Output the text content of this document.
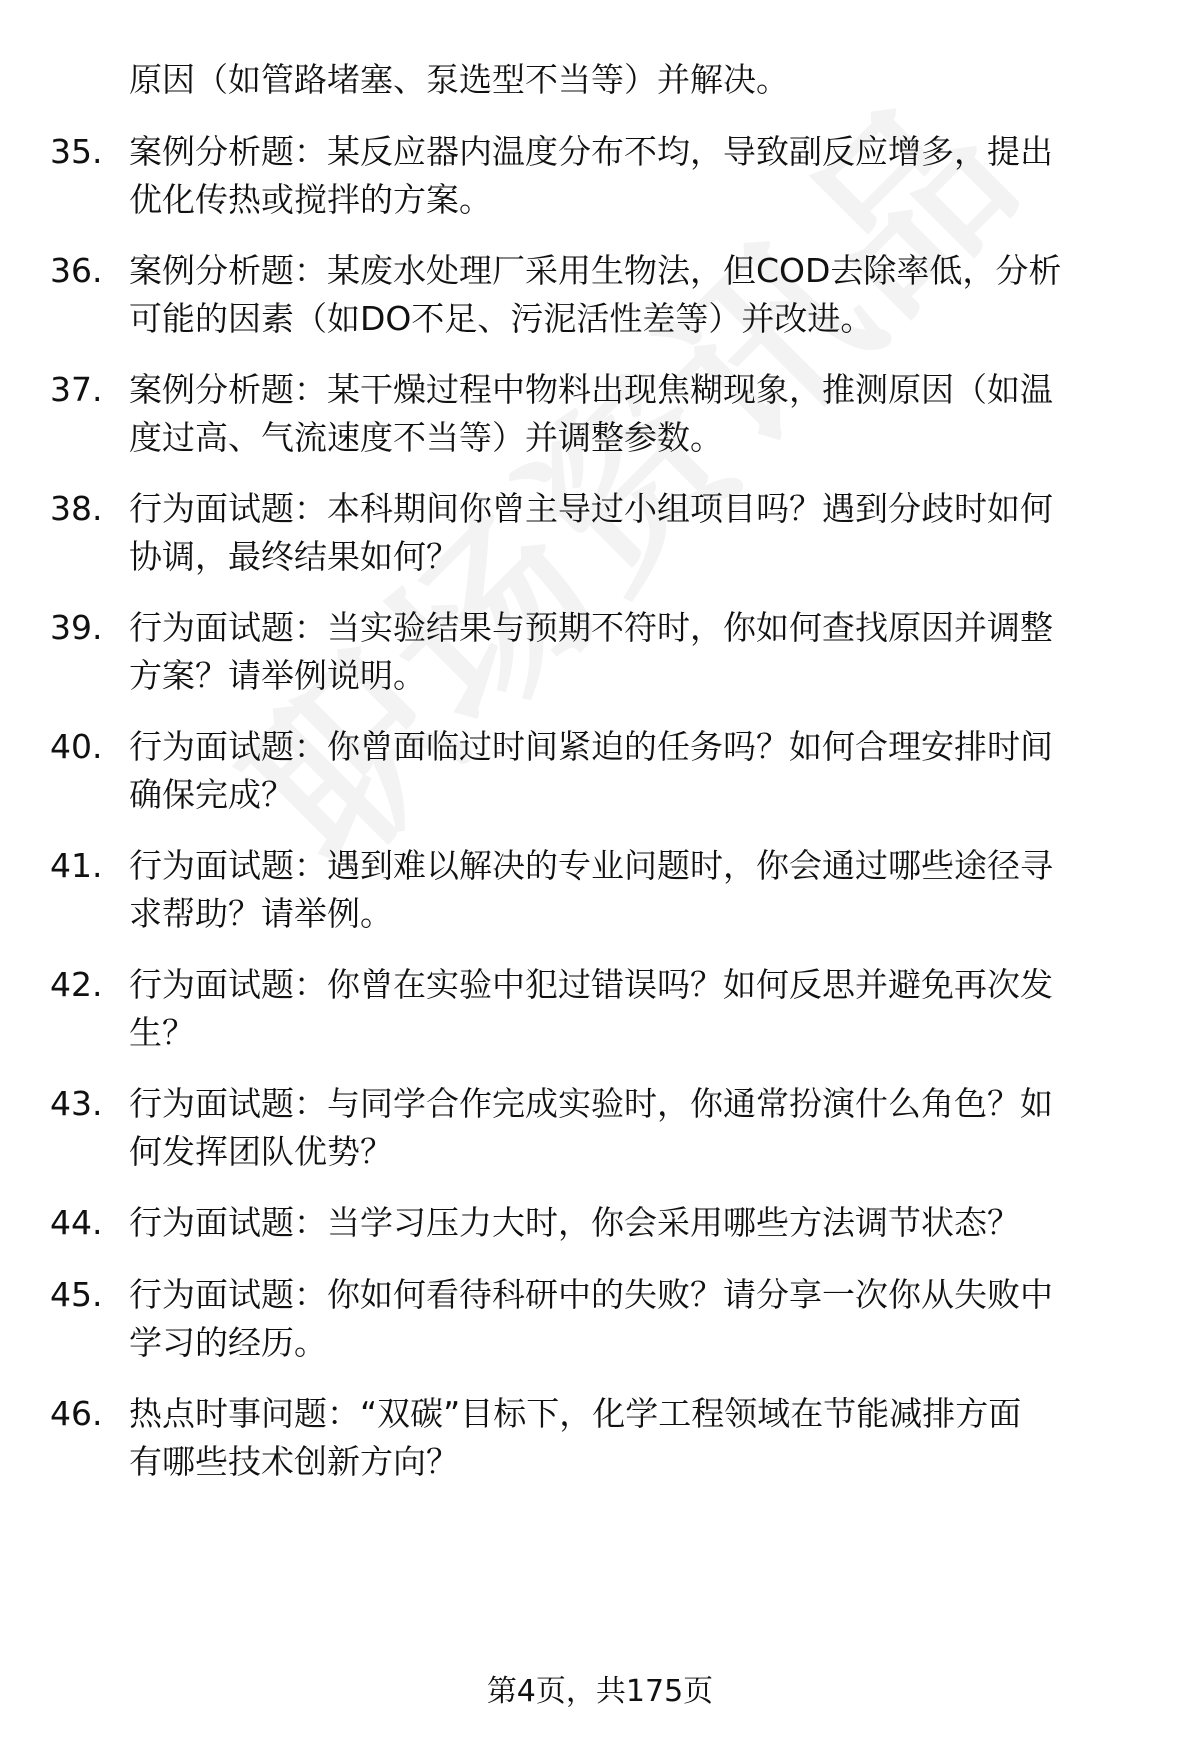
原因（如管路堵塞、泵选型不当等）并解决。
35. 案例分析题：某反应器内温度分布不均，导致副反应增多，提出
优化传热或搅拌的方案。
36. 案例分析题：某废水处理厂采用生物法，但COD去除率低，分析
可能的因素（如DO不足、污泥活性差等）并改进。
37. 案例分析题：某干燥过程中物料出现焦糊现象，推测原因（如温
度过高、气流速度不当等）并调整参数。
38. 行为面试题：本科期间你曾主导过小组项目吗？遇到分歧时如何
协调，最终结果如何？
39. 行为面试题：当实验结果与预期不符时，你如何查找原因并调整
方案？请举例说明。
40. 行为面试题：你曾面临过时间紧迫的任务吗？如何合理安排时间
确保完成？
41. 行为面试题：遇到难以解决的专业问题时，你会通过哪些途径寻
求帮助？请举例。
42. 行为面试题：你曾在实验中犯过错误吗？如何反思并避免再次发
生？
43. 行为面试题：与同学合作完成实验时，你通常扮演什么角色？如
何发挥团队优势？
44. 行为面试题：当学习压力大时，你会采用哪些方法调节状态？
45. 行为面试题：你如何看待科研中的失败？请分享一次你从失败中
学习的经历。
46. 热点时事问题：“双碳”目标下，化学工程领域在节能减排方面
有哪些技术创新方向？
第4页，共175页
